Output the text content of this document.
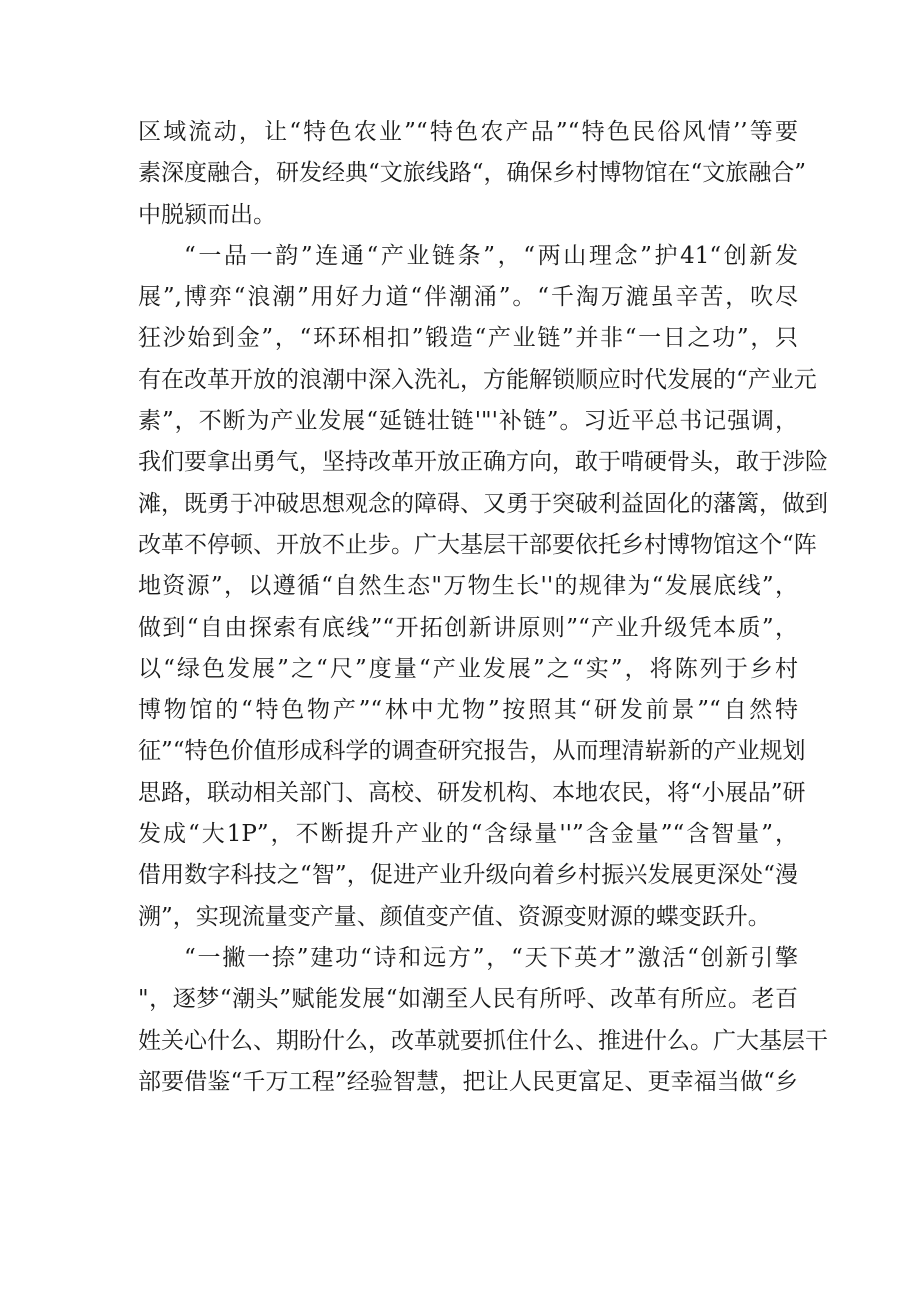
区域流动，让“特色农业”“特色农产品”“特色民俗风情’’等要
素深度融合，研发经典“文旅线路“，确保乡村博物馆在“文旅融合”
中脱颍而出。
“一品一韵”连通“产业链条”，“两山理念”护41“创新发
展”,博弈“浪潮”用好力道“伴潮涌”。“千淘万漉虽辛苦，吹尽
狂沙始到金”，“环环相扣”锻造“产业链”并非“一日之功”，只
有在改革开放的浪潮中深入洗礼，方能解锁顺应时代发展的“产业元
素”，不断为产业发展“延链壮链'"'补链”。习近平总书记强调，
我们要拿出勇气，坚持改革开放正确方向，敢于啃硬骨头，敢于涉险
滩，既勇于冲破思想观念的障碍、又勇于突破利益固化的藩篱，做到
改革不停顿、开放不止步。广大基层干部要依托乡村博物馆这个“阵
地资源”，以遵循“自然生态"万物生长''的规律为“发展底线”，
做到“自由探索有底线”“开拓创新讲原则”“产业升级凭本质”，
以“绿色发展”之“尺”度量“产业发展”之“实”，将陈列于乡村
博物馆的“特色物产”“林中尤物”按照其“研发前景”“自然特
征”“特色价值形成科学的调查研究报告，从而理清崭新的产业规划
思路，联动相关部门、高校、研发机构、本地农民，将“小展品”研
发成“大1P”，不断提升产业的“含绿量''”含金量”“含智量”，
借用数字科技之“智”，促进产业升级向着乡村振兴发展更深处“漫
溯”，实现流量变产量、颜值变产值、资源变财源的蝶变跃升。
“一撇一捺”建功“诗和远方”，“天下英才”激活“创新引擎
"，逐梦“潮头”赋能发展“如潮至人民有所呼、改革有所应。老百
姓关心什么、期盼什么，改革就要抓住什么、推进什么。广大基层干
部要借鉴“千万工程”经验智慧，把让人民更富足、更幸福当做“乡
